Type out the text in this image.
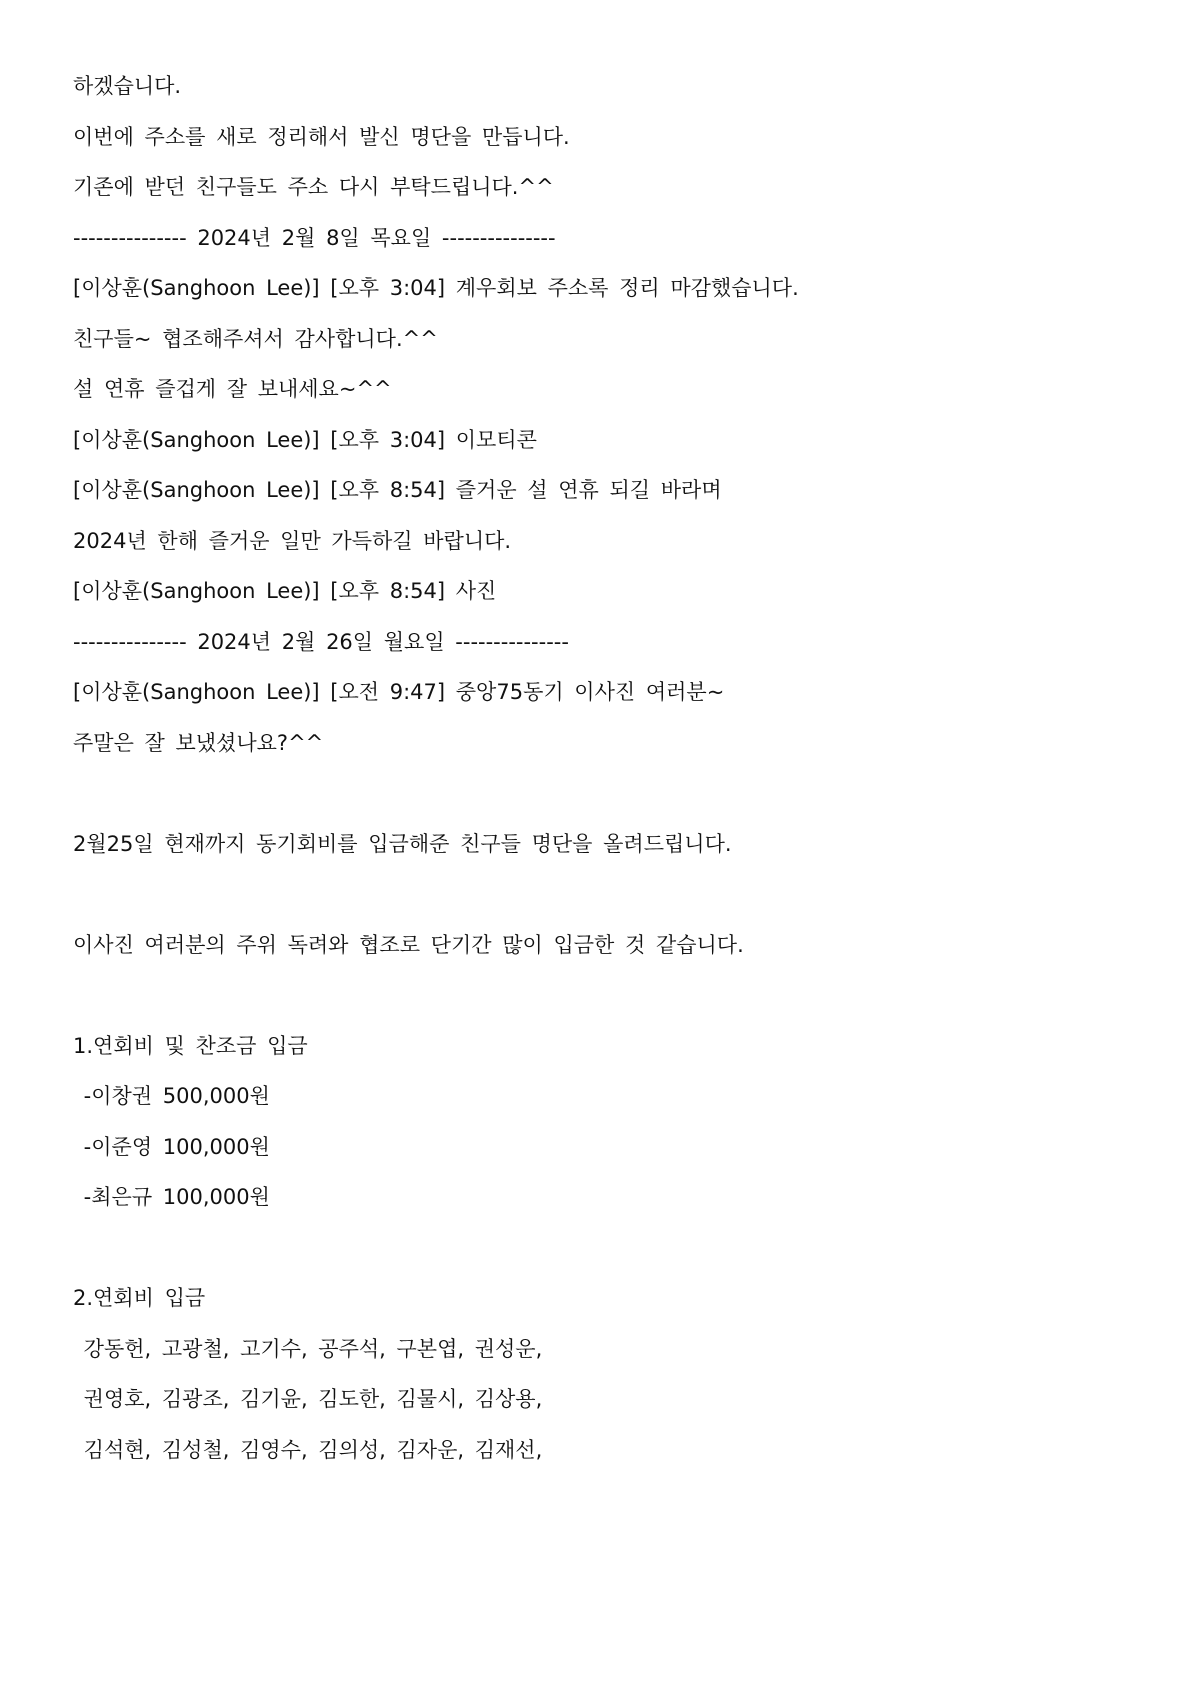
하겠습니다.
이번에 주소를 새로 정리해서 발신 명단을 만듭니다.
기존에 받던 친구들도 주소 다시 부탁드립니다.^^
--------------- 2024년 2월 8일 목요일 ---------------
[이상훈(Sanghoon Lee)] [오후 3:04] 계우회보 주소록 정리 마감했습니다.
친구들~ 협조해주셔서 감사합니다.^^
설 연휴 즐겁게 잘 보내세요~^^
[이상훈(Sanghoon Lee)] [오후 3:04] 이모티콘
[이상훈(Sanghoon Lee)] [오후 8:54] 즐거운 설 연휴 되길 바라며
2024년 한해 즐거운 일만 가득하길 바랍니다.
[이상훈(Sanghoon Lee)] [오후 8:54] 사진
--------------- 2024년 2월 26일 월요일 ---------------
[이상훈(Sanghoon Lee)] [오전 9:47] 중앙75동기 이사진 여러분~
주말은 잘 보냈셨나요?^^
2월25일 현재까지 동기회비를 입금해준 친구들 명단을 올려드립니다.
이사진 여러분의 주위 독려와 협조로 단기간 많이 입금한 것 같습니다.
1.연회비 및 찬조금 입금
-이창권 500,000원
-이준영 100,000원
-최은규 100,000원
2.연회비 입금
강동헌, 고광철, 고기수, 공주석, 구본엽, 권성운,
권영호, 김광조, 김기윤, 김도한, 김물시, 김상용,
김석현, 김성철, 김영수, 김의성, 김자운, 김재선,
